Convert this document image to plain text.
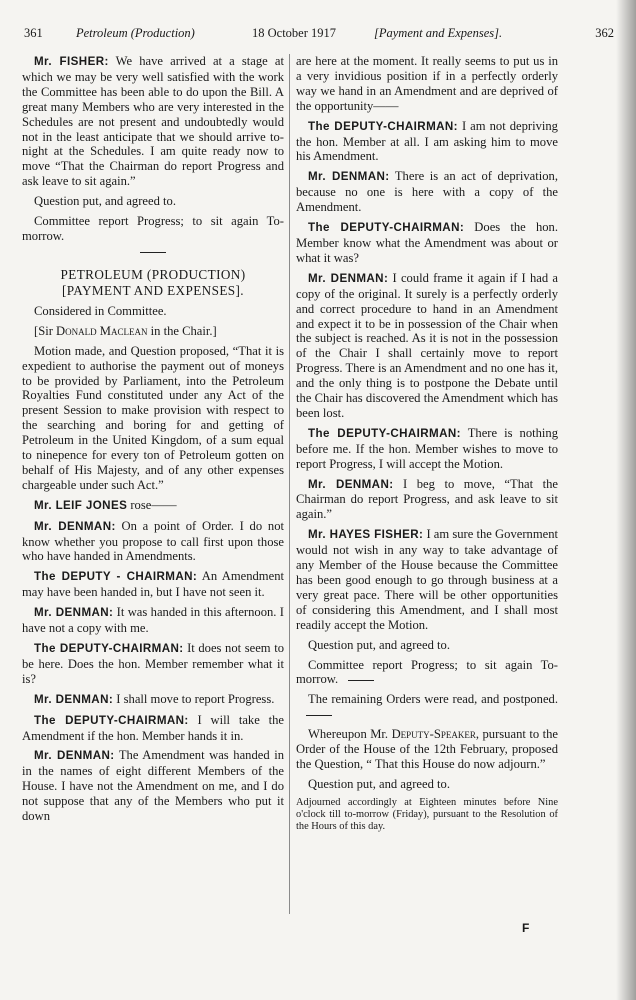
361	Petroleum (Production)	18 October 1917	[Payment and Expenses].	362

Mr. FISHER: We have arrived at a stage at which we may be very well satisfied with the work the Committee has been able to do upon the Bill. A great many Members who are very interested in the Schedules are not present and undoubtedly would not in the least anticipate that we should arrive to-night at the Schedules. I am quite ready now to move “That the Chairman do report Progress and ask leave to sit again.”

Question put, and agreed to.

Committee report Progress; to sit again To-morrow.

PETROLEUM (PRODUCTION)
[PAYMENT AND EXPENSES].

Considered in Committee.

[Sir Donald Maclean in the Chair.]

Motion made, and Question proposed, “That it is expedient to authorise the payment out of moneys to be provided by Parliament, into the Petroleum Royalties Fund constituted under any Act of the present Session to make provision with respect to the searching and boring for and getting of Petroleum in the United Kingdom, of a sum equal to ninepence for every ton of Petroleum gotten on behalf of His Majesty, and of any other expenses chargeable under such Act.”

Mr. LEIF JONES rose——

Mr. DENMAN: On a point of Order. I do not know whether you propose to call first upon those who have handed in Amendments.

The DEPUTY - CHAIRMAN: An Amendment may have been handed in, but I have not seen it.

Mr. DENMAN: It was handed in this afternoon. I have not a copy with me.

The DEPUTY-CHAIRMAN: It does not seem to be here. Does the hon. Member remember what it is?

Mr. DENMAN: I shall move to report Progress.

The DEPUTY-CHAIRMAN: I will take the Amendment if the hon. Member hands it in.

Mr. DENMAN: The Amendment was handed in in the names of eight different Members of the House. I have not the Amendment on me, and I do not suppose that any of the Members who put it down

are here at the moment. It really seems to put us in a very invidious position if in a perfectly orderly way we hand in an Amendment and are deprived of the opportunity——

The DEPUTY-CHAIRMAN: I am not depriving the hon. Member at all. I am asking him to move his Amendment.

Mr. DENMAN: There is an act of deprivation, because no one is here with a copy of the Amendment.

The DEPUTY-CHAIRMAN: Does the hon. Member know what the Amendment was about or what it was?

Mr. DENMAN: I could frame it again if I had a copy of the original. It surely is a perfectly orderly and correct procedure to hand in an Amendment and expect it to be in possession of the Chair when the subject is reached. As it is not in the possession of the Chair I shall certainly move to report Progress. There is an Amendment and no one has it, and the only thing is to postpone the Debate until the Chair has discovered the Amendment which has been lost.

The DEPUTY-CHAIRMAN: There is nothing before me. If the hon. Member wishes to move to report Progress, I will accept the Motion.

Mr. DENMAN: I beg to move, “That the Chairman do report Progress, and ask leave to sit again.”

Mr. HAYES FISHER: I am sure the Government would not wish in any way to take advantage of any Member of the House because the Committee has been good enough to go through business at a very great pace. There will be other opportunities of considering this Amendment, and I shall most readily accept the Motion.

Question put, and agreed to.

Committee report Progress; to sit again To-morrow.

The remaining Orders were read, and postponed.

Whereupon Mr. Deputy-Speaker, pursuant to the Order of the House of the 12th February, proposed the Question, “ That this House do now adjourn.”

Question put, and agreed to.

Adjourned accordingly at Eighteen minutes before Nine o'clock till to-morrow (Friday), pursuant to the Resolution of the Hours of this day.

F
